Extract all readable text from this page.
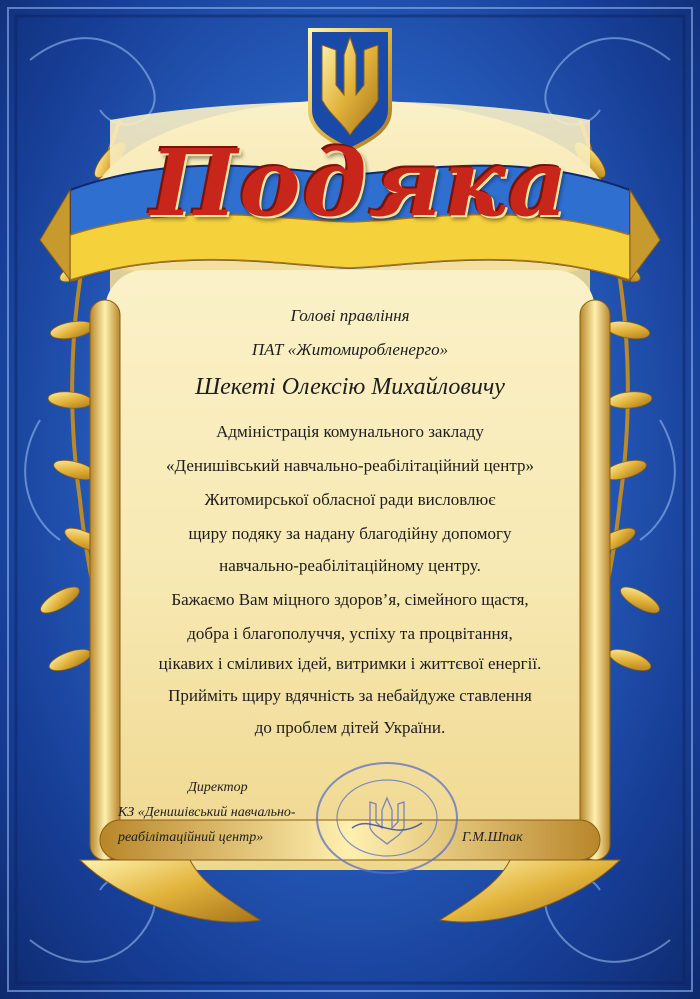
Подяка
Голові правління
ПАТ «Житомиробленерго»
Шекеті Олексію Михайловичу
Адміністрація комунального закладу
«Денишівський навчально-реабілітаційний центр»
Житомирської обласної ради висловлює
щиру подяку за надану благодійну допомогу
навчально-реабілітаційному центру.
Бажаємо Вам міцного здоров’я, сімейного щастя,
добра і благополуччя, успіху та процвітання,
цікавих і сміливих ідей, витримки і життєвої енергії.
Прийміть щиру вдячність за небайдуже ставлення
до проблем дітей України.
Директор
КЗ «Денишівський навчально-
реабілітаційний центр»	Г.М.Шпак
